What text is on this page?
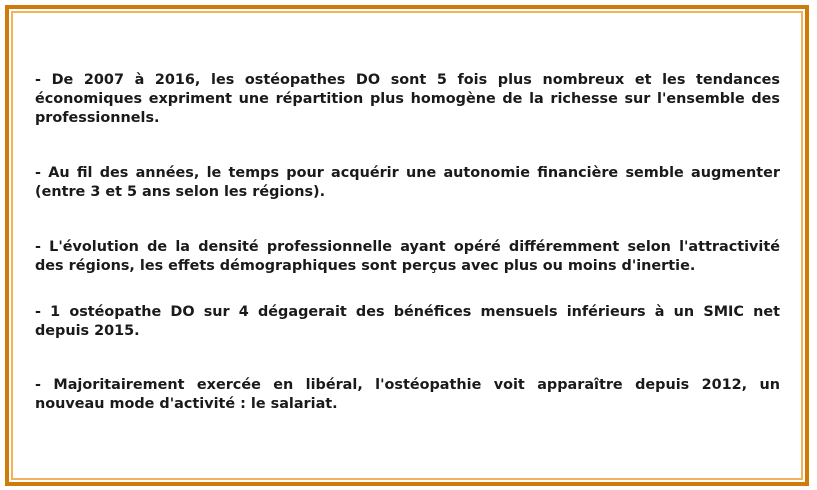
- De 2007 à 2016, les ostéopathes DO sont 5 fois plus nombreux et les tendances économiques expriment une répartition plus homogène de la richesse sur l'ensemble des professionnels.

- Au fil des années, le temps pour acquérir une autonomie financière semble augmenter (entre 3 et 5 ans selon les régions).

- L'évolution de la densité professionnelle ayant opéré différemment selon l'attractivité des régions, les effets démographiques sont perçus avec plus ou moins d'inertie.

- 1 ostéopathe DO sur 4 dégagerait des bénéfices mensuels inférieurs à un SMIC net depuis 2015.

- Majoritairement exercée en libéral, l'ostéopathie voit apparaître depuis 2012, un nouveau mode d'activité : le salariat.
